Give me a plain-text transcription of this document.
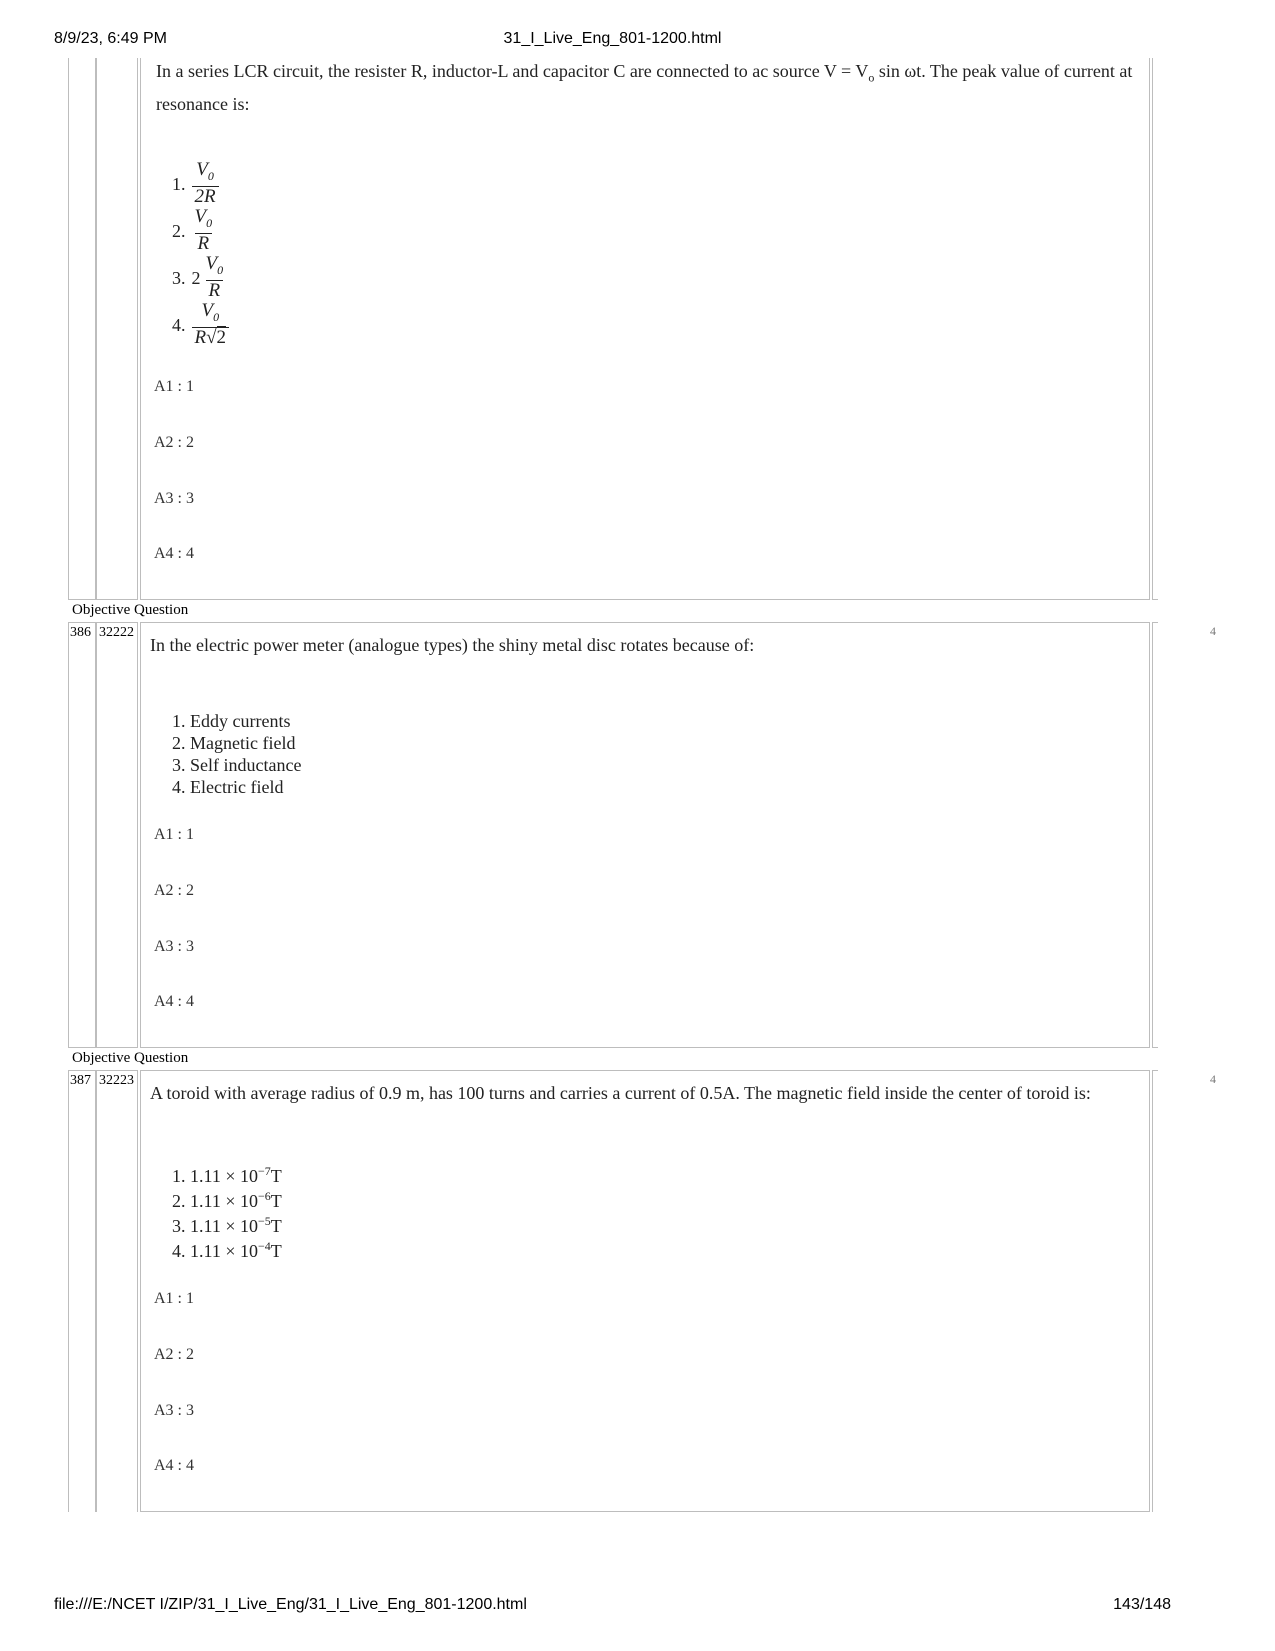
8/9/23, 6:49 PM	31_I_Live_Eng_801-1200.html
In a series LCR circuit, the resister R, inductor-L and capacitor C are connected to ac source $V = V_o$ sin ωt. The peak value of current at resonance is:
1. $\frac{V_0}{2R}$
2. $\frac{V_0}{R}$
3. $2 \frac{V_0}{R}$
4. $\frac{V_0}{R√2}$
A1 : 1
A2 : 2
A3 : 3
A4 : 4
Objective Question
386 32222	4
In the electric power meter (analogue types) the shiny metal disc rotates because of:
1. Eddy currents
2. Magnetic field
3. Self inductance
4. Electric field
A1 : 1
A2 : 2
A3 : 3
A4 : 4
Objective Question
387 32223	4
A toroid with average radius of 0.9 m, has 100 turns and carries a current of 0.5A. The magnetic field inside the center of toroid is:
1. $1.11 \times 10^{-7}T$
2. $1.11 \times 10^{-6}T$
3. $1.11 \times 10^{-5}T$
4. $1.11 \times 10^{-4}T$
A1 : 1
A2 : 2
A3 : 3
A4 : 4
file:///E:/NCET I/ZIP/31_I_Live_Eng/31_I_Live_Eng_801-1200.html	143/148
